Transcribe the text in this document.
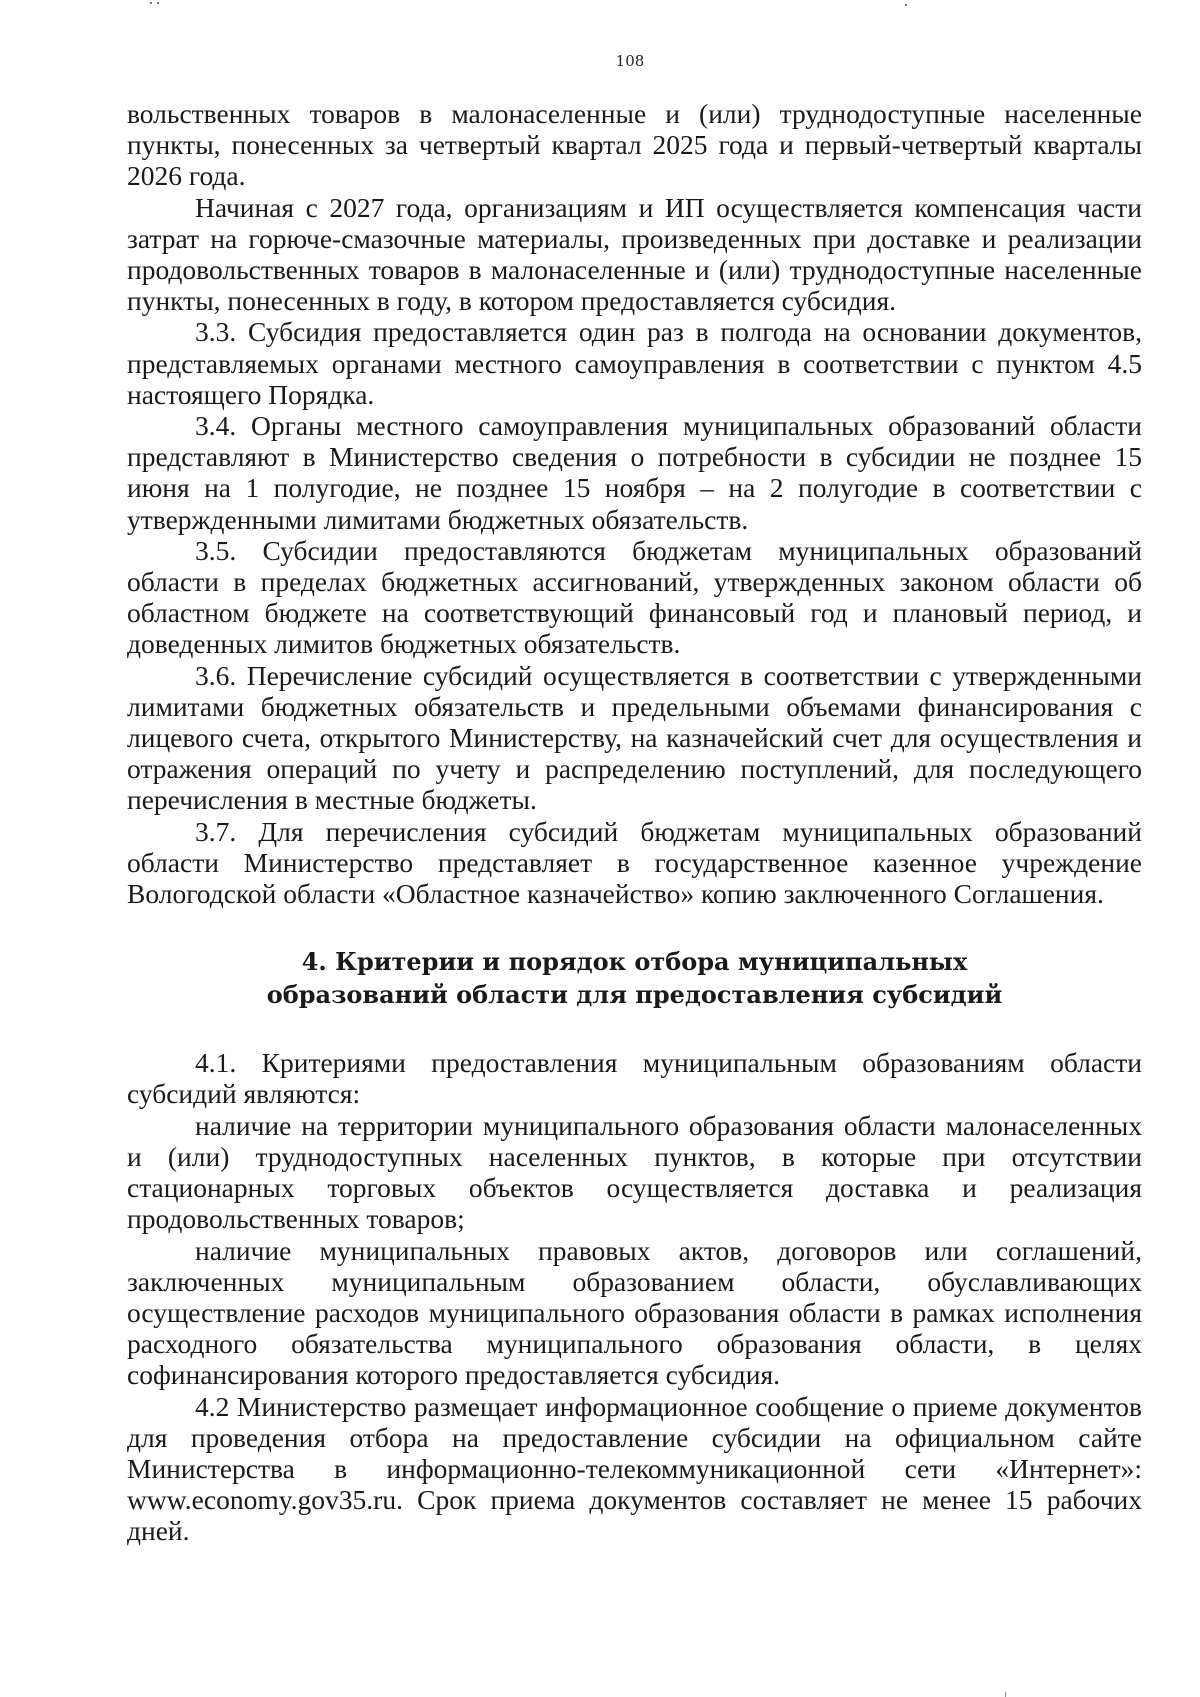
108

вольственных товаров в малонаселенные и (или) труднодоступные населенные пункты, понесенных за четвертый квартал 2025 года и первый-четвертый кварталы 2026 года.

Начиная с 2027 года, организациям и ИП осуществляется компенсация части затрат на горюче-смазочные материалы, произведенных при доставке и реализации продовольственных товаров в малонаселенные и (или) труднодоступные населенные пункты, понесенных в году, в котором предоставляется субсидия.

3.3. Субсидия предоставляется один раз в полгода на основании документов, представляемых органами местного самоуправления в соответствии с пунктом 4.5 настоящего Порядка.

3.4. Органы местного самоуправления муниципальных образований области представляют в Министерство сведения о потребности в субсидии не позднее 15 июня на 1 полугодие, не позднее 15 ноября – на 2 полугодие в соответствии с утвержденными лимитами бюджетных обязательств.

3.5. Субсидии предоставляются бюджетам муниципальных образований области в пределах бюджетных ассигнований, утвержденных законом области об областном бюджете на соответствующий финансовый год и плановый период, и доведенных лимитов бюджетных обязательств.

3.6. Перечисление субсидий осуществляется в соответствии с утвержденными лимитами бюджетных обязательств и предельными объемами финансирования с лицевого счета, открытого Министерству, на казначейский счет для осуществления и отражения операций по учету и распределению поступлений, для последующего перечисления в местные бюджеты.

3.7. Для перечисления субсидий бюджетам муниципальных образований области Министерство представляет в государственное казенное учреждение Вологодской области «Областное казначейство» копию заключенного Соглашения.

4. Критерии и порядок отбора муниципальных

образований области для предоставления субсидий

4.1. Критериями предоставления муниципальным образованиям области субсидий являются:

наличие на территории муниципального образования области малонаселенных и (или) труднодоступных населенных пунктов, в которые при отсутствии стационарных торговых объектов осуществляется доставка и реализация продовольственных товаров;

наличие муниципальных правовых актов, договоров или соглашений, заключенных муниципальным образованием области, обуславливающих осуществление расходов муниципального образования области в рамках исполнения расходного обязательства муниципального образования области, в целях софинансирования которого предоставляется субсидия.

4.2 Министерство размещает информационное сообщение о приеме документов для проведения отбора на предоставление субсидии на официальном сайте Министерства в информационно-телекоммуникационной сети «Интернет»: www.economy.gov35.ru. Срок приема документов составляет не менее 15 рабочих дней.
